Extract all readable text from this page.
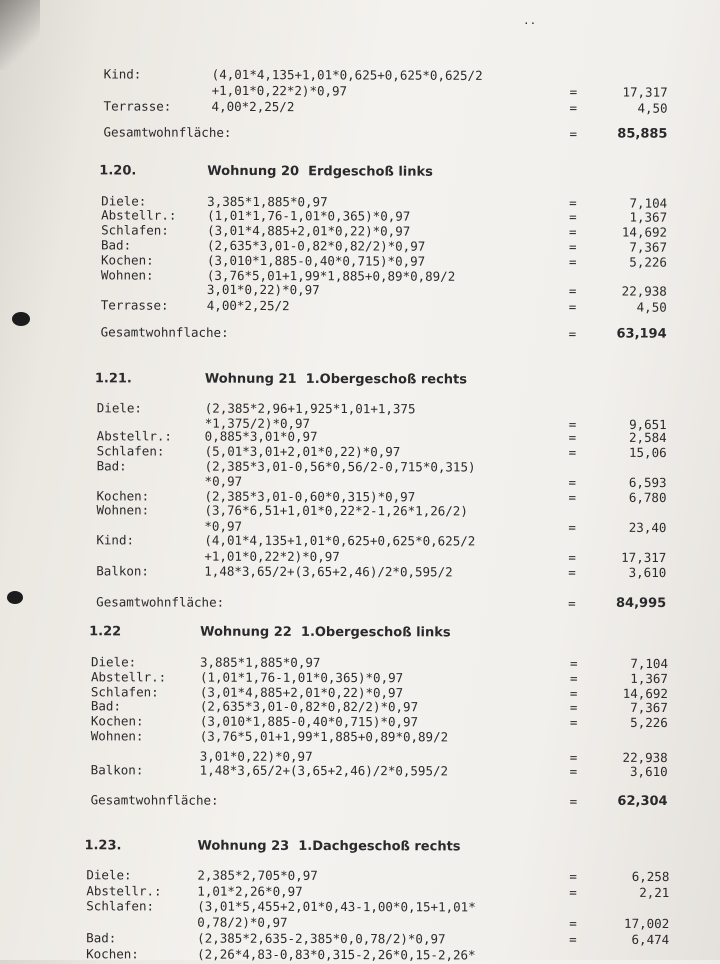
..
Kind:	(4,01*4,135+1,01*0,625+0,625*0,625/2
+1,01*0,22*2)*0,97	=	17,317
Terrasse:	4,00*2,25/2	=	4,50
Gesamtwohnfläche:	=	85,885
1.20.	Wohnung 20  Erdgeschoß links
Diele:	3,385*1,885*0,97	=	7,104
Abstellr.: (1,01*1,76-1,01*0,365)*0,97	=	1,367
Schlafen:	(3,01*4,885+2,01*0,22)*0,97	=	14,692
Bad:	(2,635*3,01-0,82*0,82/2)*0,97	=	7,367
Kochen:	(3,010*1,885-0,40*0,715)*0,97	=	5,226
Wohnen:	(3,76*5,01+1,99*1,885+0,89*0,89/2
3,01*0,22)*0,97	=	22,938
Terrasse:	4,00*2,25/2	=	4,50
Gesamtwohnflache:	=	63,194
1.21.	Wohnung 21  1.Obergeschoß rechts
Diele:	(2,385*2,96+1,925*1,01+1,375
*1,375/2)*0,97	=	9,651
Abstellr.:	0,885*3,01*0,97	=	2,584
Schlafen:	(5,01*3,01+2,01*0,22)*0,97	=	15,06
Bad:	(2,385*3,01-0,56*0,56/2-0,715*0,315)
*0,97	=	6,593
Kochen:	(2,385*3,01-0,60*0,315)*0,97	=	6,780
Wohnen:	(3,76*6,51+1,01*0,22*2-1,26*1,26/2)
*0,97	=	23,40
Kind:	(4,01*4,135+1,01*0,625+0,625*0,625/2
+1,01*0,22*2)*0,97	=	17,317
Balkon:	1,48*3,65/2+(3,65+2,46)/2*0,595/2	=	3,610
Gesamtwohnfläche:	=	84,995
1.22	Wohnung 22  1.Obergeschoß links
Diele:	3,885*1,885*0,97	=	7,104
Abstellr.:	(1,01*1,76-1,01*0,365)*0,97	=	1,367
Schlafen:	(3,01*4,885+2,01*0,22)*0,97	=	14,692
Bad:	(2,635*3,01-0,82*0,82/2)*0,97	=	7,367
Kochen:	(3,010*1,885-0,40*0,715)*0,97	=	5,226
Wohnen:	(3,76*5,01+1,99*1,885+0,89*0,89/2
3,01*0,22)*0,97	=	22,938
Balkon:	1,48*3,65/2+(3,65+2,46)/2*0,595/2	=	3,610
Gesamtwohnfläche:	=	62,304
1.23.	Wohnung 23  1.Dachgeschoß rechts
Diele:	2,385*2,705*0,97	=	6,258
Abstellr.:	1,01*2,26*0,97	=	2,21
Schlafen:	(3,01*5,455+2,01*0,43-1,00*0,15+1,01*
0,78/2)*0,97	=	17,002
Bad:	(2,385*2,635-2,385*0,0,78/2)*0,97	=	6,474
Kochen:	(2,26*4,83-0,83*0,315-2,26*0,15-2,26*
